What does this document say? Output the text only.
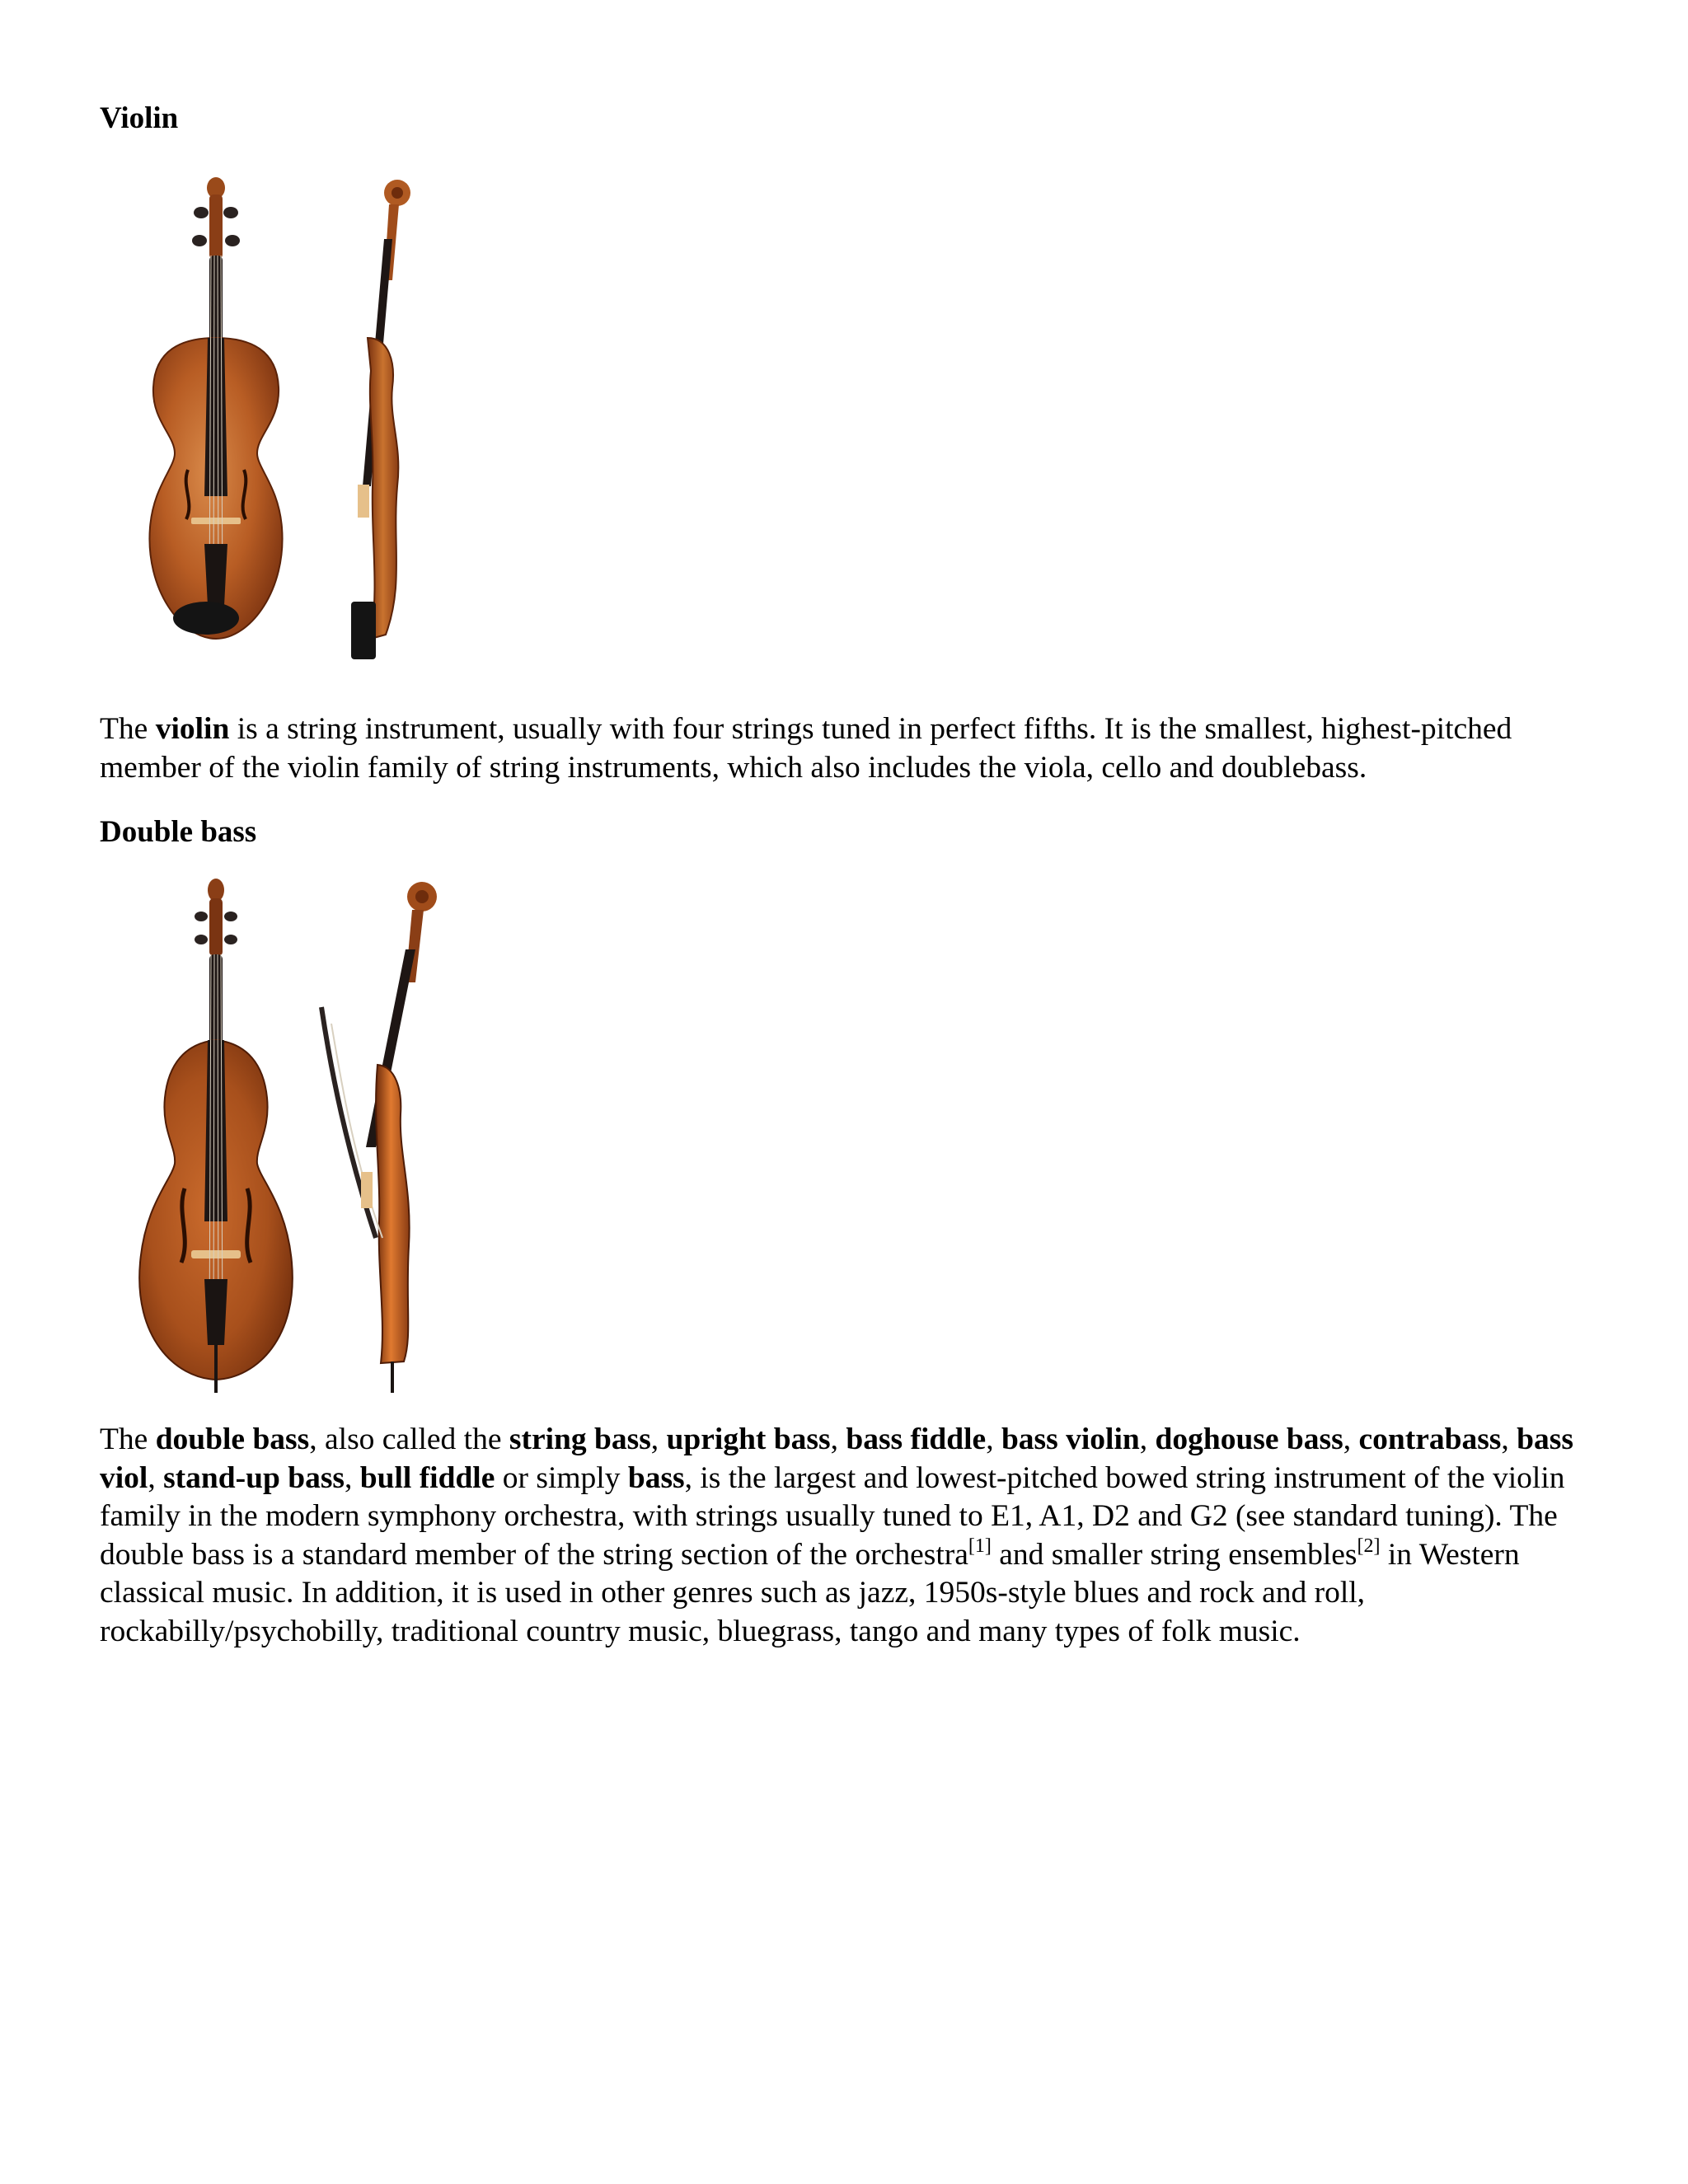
Violin

The violin is a string instrument, usually with four strings tuned in perfect fifths. It is the smallest, highest-pitched member of the violin family of string instruments, which also includes the viola, cello and doublebass.

Double bass

The double bass, also called the string bass, upright bass, bass fiddle, bass violin, doghouse bass, contrabass, bass viol, stand-up bass, bull fiddle or simply bass, is the largest and lowest-pitched bowed string instrument of the violin family in the modern symphony orchestra, with strings usually tuned to E1, A1, D2 and G2 (see standard tuning). The double bass is a standard member of the string section of the orchestra[1] and smaller string ensembles[2] in Western classical music. In addition, it is used in other genres such as jazz, 1950s-style blues and rock and roll, rockabilly/psychobilly, traditional country music, bluegrass, tango and many types of folk music.
